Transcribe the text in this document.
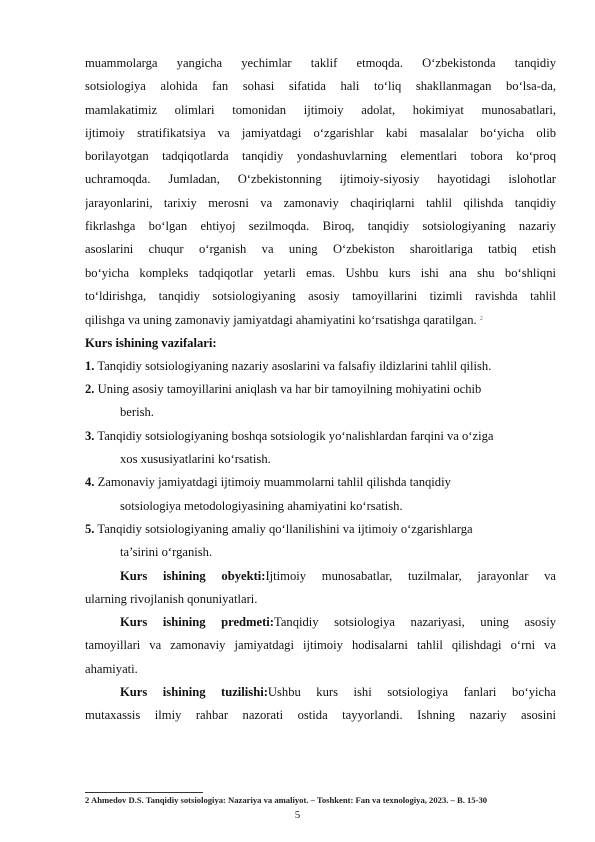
muammolarga yangicha yechimlar taklif etmoqda. O‘zbekistonda tanqidiy
sotsiologiya alohida fan sohasi sifatida hali to‘liq shakllanmagan bo‘lsa-da,
mamlakatimiz olimlari tomonidan ijtimoiy adolat, hokimiyat munosabatlari,
ijtimoiy stratifikatsiya va jamiyatdagi o‘zgarishlar kabi masalalar bo‘yicha olib
borilayotgan tadqiqotlarda tanqidiy yondashuvlarning elementlari tobora ko‘proq
uchramoqda. Jumladan, O‘zbekistonning ijtimoiy-siyosiy hayotidagi islohotlar
jarayonlarini, tarixiy merosni va zamonaviy chaqiriqlarni tahlil qilishda tanqidiy
fikrlashga bo‘lgan ehtiyoj sezilmoqda. Biroq, tanqidiy sotsiologiyaning nazariy
asoslarini chuqur o‘rganish va uning O‘zbekiston sharoitlariga tatbiq etish
bo‘yicha kompleks tadqiqotlar yetarli emas. Ushbu kurs ishi ana shu bo‘shliqni
to‘ldirishga, tanqidiy sotsiologiyaning asosiy tamoyillarini tizimli ravishda tahlil
qilishga va uning zamonaviy jamiyatdagi ahamiyatini ko‘rsatishga qaratilgan. $^2$
Kurs ishining vazifalari:
1. Tanqidiy sotsiologiyaning nazariy asoslarini va falsafiy ildizlarini tahlil qilish.
2. Uning asosiy tamoyillarini aniqlash va har bir tamoyilning mohiyatini ochib
berish.
3. Tanqidiy sotsiologiyaning boshqa sotsiologik yo‘nalishlardan farqini va o‘ziga
xos xususiyatlarini ko‘rsatish.
4. Zamonaviy jamiyatdagi ijtimoiy muammolarni tahlil qilishda tanqidiy
sotsiologiya metodologiyasining ahamiyatini ko‘rsatish.
5. Tanqidiy sotsiologiyaning amaliy qo‘llanilishini va ijtimoiy o‘zgarishlarga
ta’sirini o‘rganish.
Kurs ishining obyekti:Ijtimoiy munosabatlar, tuzilmalar, jarayonlar va
ularning rivojlanish qonuniyatlari.
Kurs ishining predmeti:Tanqidiy sotsiologiya nazariyasi, uning asosiy
tamoyillari va zamonaviy jamiyatdagi ijtimoiy hodisalarni tahlil qilishdagi o‘rni va
ahamiyati.
Kurs ishining tuzilishi:Ushbu kurs ishi sotsiologiya fanlari bo‘yicha
mutaxassis ilmiy rahbar nazorati ostida tayyorlandi. Ishning nazariy asosini
2 Ahmedov D.S. Tanqidiy sotsiologiya: Nazariya va amaliyot. – Toshkent: Fan va texnologiya, 2023. – B. 15-30
5
